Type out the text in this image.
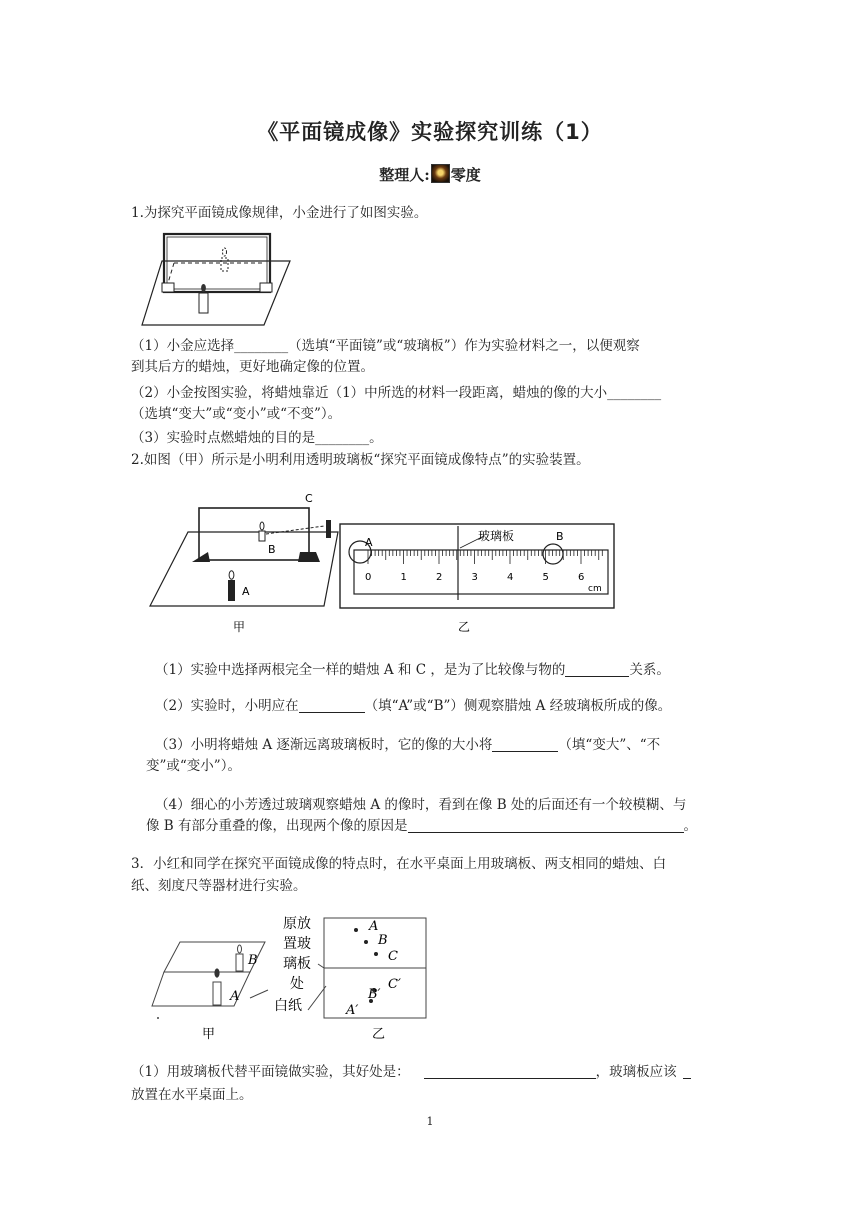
《平面镜成像》实验探究训练（1）
整理人: 零度
1.为探究平面镜成像规律，小金进行了如图实验。
（1）小金应选择________（选填“平面镜”或“玻璃板”）作为实验材料之一，以便观察
到其后方的蜡烛，更好地确定像的位置。
（2）小金按图实验，将蜡烛靠近（1）中所选的材料一段距离，蜡烛的像的大小________
（选填“变大”或“变小”或“不变”）。
（3）实验时点燃蜡烛的目的是________。
2.如图（甲）所示是小明利用透明玻璃板“探究平面镜成像特点”的实验装置。
C
B
A
甲
0	1	2	3	4	5	6
玻璃板
A	B
cm
乙
（1）实验中选择两根完全一样的蜡烛 A 和 C ，是为了比较像与物的	关系。
（2）实验时，小明应在	（填“A”或“B”）侧观察腊烛 A 经玻璃板所成的像。
（3）小明将蜡烛 A 逐渐远离玻璃板时，它的像的大小将	（填“变大”、“不
变”或“变小”）。
（4）细心的小芳透过玻璃观察蜡烛 A 的像时，看到在像 B 处的后面还有一个较模糊、与
像 B 有部分重叠的像，出现两个像的原因是	。
3．小红和同学在探究平面镜成像的特点时，在水平桌面上用玻璃板、两支相同的蜡烛、白
纸、刻度尺等器材进行实验。
B
A
甲
原放
置玻
璃板
处
白纸
A
B
C
A′
B′
C′
乙
（1）用玻璃板代替平面镜做实验，其好处是：	，玻璃板应该
放置在水平桌面上。
1
